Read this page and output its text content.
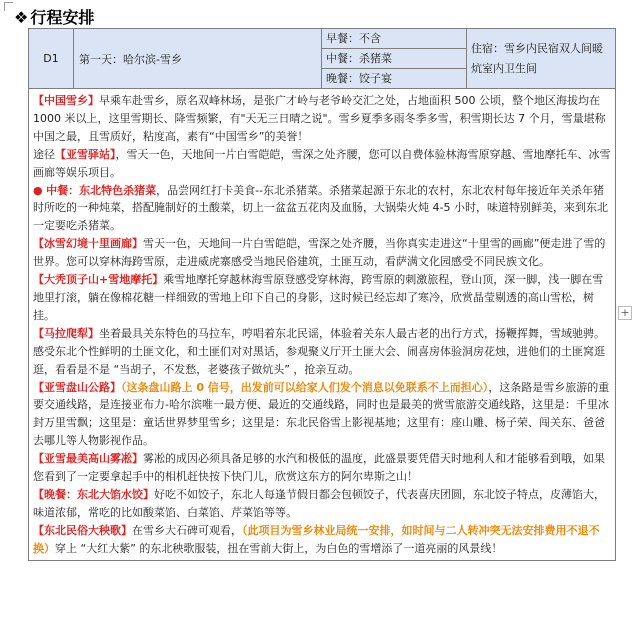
❖ 行程安排
+
D1	第一天：哈尔滨-雪乡	
早餐：不含
中餐：杀猪菜
晚餐：饺子宴
	住宿：雪乡内民宿双人间暖炕室内卫生间

【中国雪乡】早乘车赴雪乡，原名双峰林场，是张广才岭与老爷岭交汇之处，占地面积 500 公顷，整个地区海拔均在 1000 米以上，这里雪期长、降雪频繁，有"天无三日晴之说"。雪乡夏季多雨冬季多雪，积雪期长达 7 个月，雪量堪称中国之最，且雪质好，粘度高，素有“中国雪乡”的美誉！

途径【亚雪驿站】，雪天一色，天地间一片白雪皑皑，雪深之处齐腰，您可以自费体验林海雪原穿越、雪地摩托车、冰雪画廊等娱乐项目。

● 中餐：东北特色杀猪菜，品尝网红打卡美食--东北杀猪菜。杀猪菜起源于东北的农村，东北农村每年接近年关杀年猪时所吃的一种炖菜，搭配腌制好的土酸菜，切上一盆盆五花肉及血肠，大锅柴火炖 4-5 小时，味道特别鲜美，来到东北一定要吃杀猪菜。

【冰雪幻境十里画廊】雪天一色，天地间一片白雪皑皑，雪深之处齐腰，当你真实走进这“十里雪的画廊”便走进了雪的世界。您可以穿林海跨雪原，走进威虎寨感受当地民俗建筑，土匪互动，看萨满文化园感受不同民族文化。

【大秃顶子山+雪地摩托】乘雪地摩托穿越林海雪原登感受穿林海，跨雪原的刺激旅程，登山顶，深一脚，浅一脚在雪地里打滚，躺在像棉花糖一样细致的雪地上印下自己的身影，这时候已经忘却了寒冷，欣赏晶莹剔透的高山雪松，树挂。

【马拉爬犁】坐着最具关东特色的马拉车，哼唱着东北民谣，体验着关东人最古老的出行方式，扬鞭挥舞，雪域驰骋。感受东北个性鲜明的土匪文化，和土匪们对对黑话，参观聚义厅开土匪大会、闹喜房体验洞房花烛，进他们的土匪窝逛逛，看看是不是 “当胡子，不发愁，老婆孩子做炕头” ，抢亲互动。

【亚雪盘山公路】（这条盘山路上 0 信号，出发前可以给家人们发个消息以免联系不上而担心），这条路是雪乡旅游的重要交通线路，是连接亚布力-哈尔滨唯一最方便、最近的交通线路，同时也是最美的赏雪旅游交通线路，这里是：千里冰封万里雪飘；这里是：童话世界梦里雪乡；这里是：东北民俗雪上影视基地；这里有：座山雕、杨子荣、闯关东、爸爸去哪儿等人物影视作品。

【亚雪最美高山雾凇】雾凇的成因必须具备足够的水汽和极低的温度，此盛景要凭借天时地利人和才能够看到哦，如果您看到了一定要拿起手中的相机赶快按下快门儿，欣赏这东方的阿尔卑斯之山！

【晚餐：东北大馅水饺】好吃不如饺子，东北人每逢节假日都会包顿饺子，代表喜庆团圆，东北饺子特点，皮薄馅大，味道浓郁，常吃的比如酸菜馅、白菜馅、芹菜馅等等。

【东北民俗大秧歌】在雪乡大石碑可观看，（此项目为雪乡林业局统一安排，如时间与二人转冲突无法安排费用不退不换）穿上 “大红大紫” 的东北秧歌服装，扭在雪前大街上，为白色的雪增添了一道亮丽的风景线！
